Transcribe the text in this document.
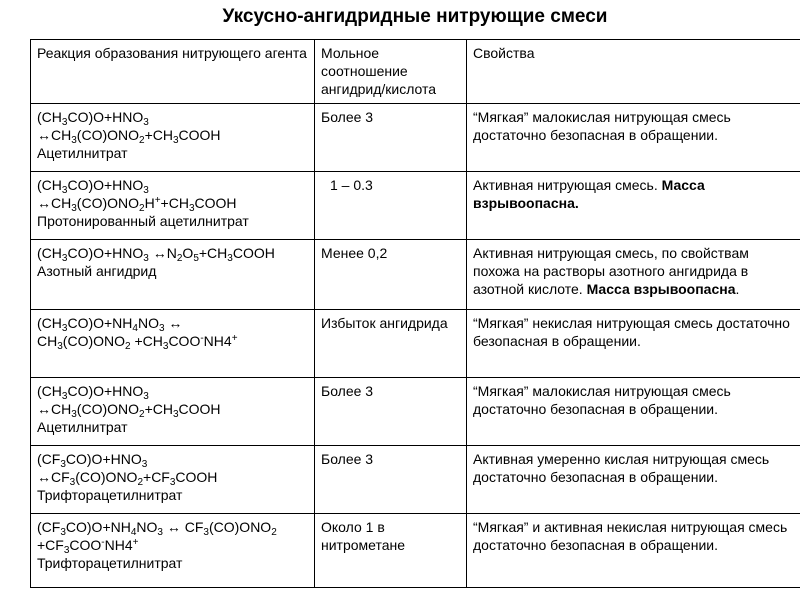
Уксусно-ангидридные нитрующие смеси
Реакция образования нитрующего агента	Мольное соотношение ангидрид/кислота	Свойства

$(CH_3CO)O+HNO_3$
$\leftrightarrow CH_3(CO)ONO_2+CH_3COOH$
Ацетилнитрат	Более 3	“Мягкая” малокислая нитрующая смесь достаточно безопасная в обращении.

$(CH_3CO)O+HNO_3$
$\leftrightarrow CH_3(CO)ONO_2H^++CH_3COOH$
Протонированный ацетилнитрат	1 – 0.3	Активная нитрующая смесь. Масса взрывоопасна.

$(CH_3CO)O+HNO_3$ $\leftrightarrow N_2O_5+CH_3COOH$
Азотный ангидрид	Менее 0,2	Активная нитрующая смесь, по свойствам похожа на растворы азотного ангидрида в азотной кислоте. Масса взрывоопасна.

$(CH_3CO)O+NH_4NO_3$ ↔
$CH_3(CO)ONO_2 +CH_3COO^-NH4^+$	Избыток ангидрида	“Мягкая” некислая нитрующая смесь достаточно безопасная в обращении.

$(CH_3CO)O+HNO_3$
$\leftrightarrow CH_3(CO)ONO_2+CH_3COOH$
Ацетилнитрат	Более 3	“Мягкая” малокислая нитрующая смесь достаточно безопасная в обращении.

$(CF_3CO)O+HNO_3$
$\leftrightarrow CF_3(CO)ONO_2+CF_3COOH$
Трифторацетилнитрат	Более 3	Активная умеренно кислая нитрующая смесь достаточно безопасная в обращении.

$(CF_3CO)O+NH_4NO_3$ ↔ $CF_3(CO)ONO_2$
$+CF_3COO^-NH4^+$
Трифторацетилнитрат	Около 1 в нитрометане	“Мягкая” и активная некислая нитрующая смесь достаточно безопасная в обращении.
